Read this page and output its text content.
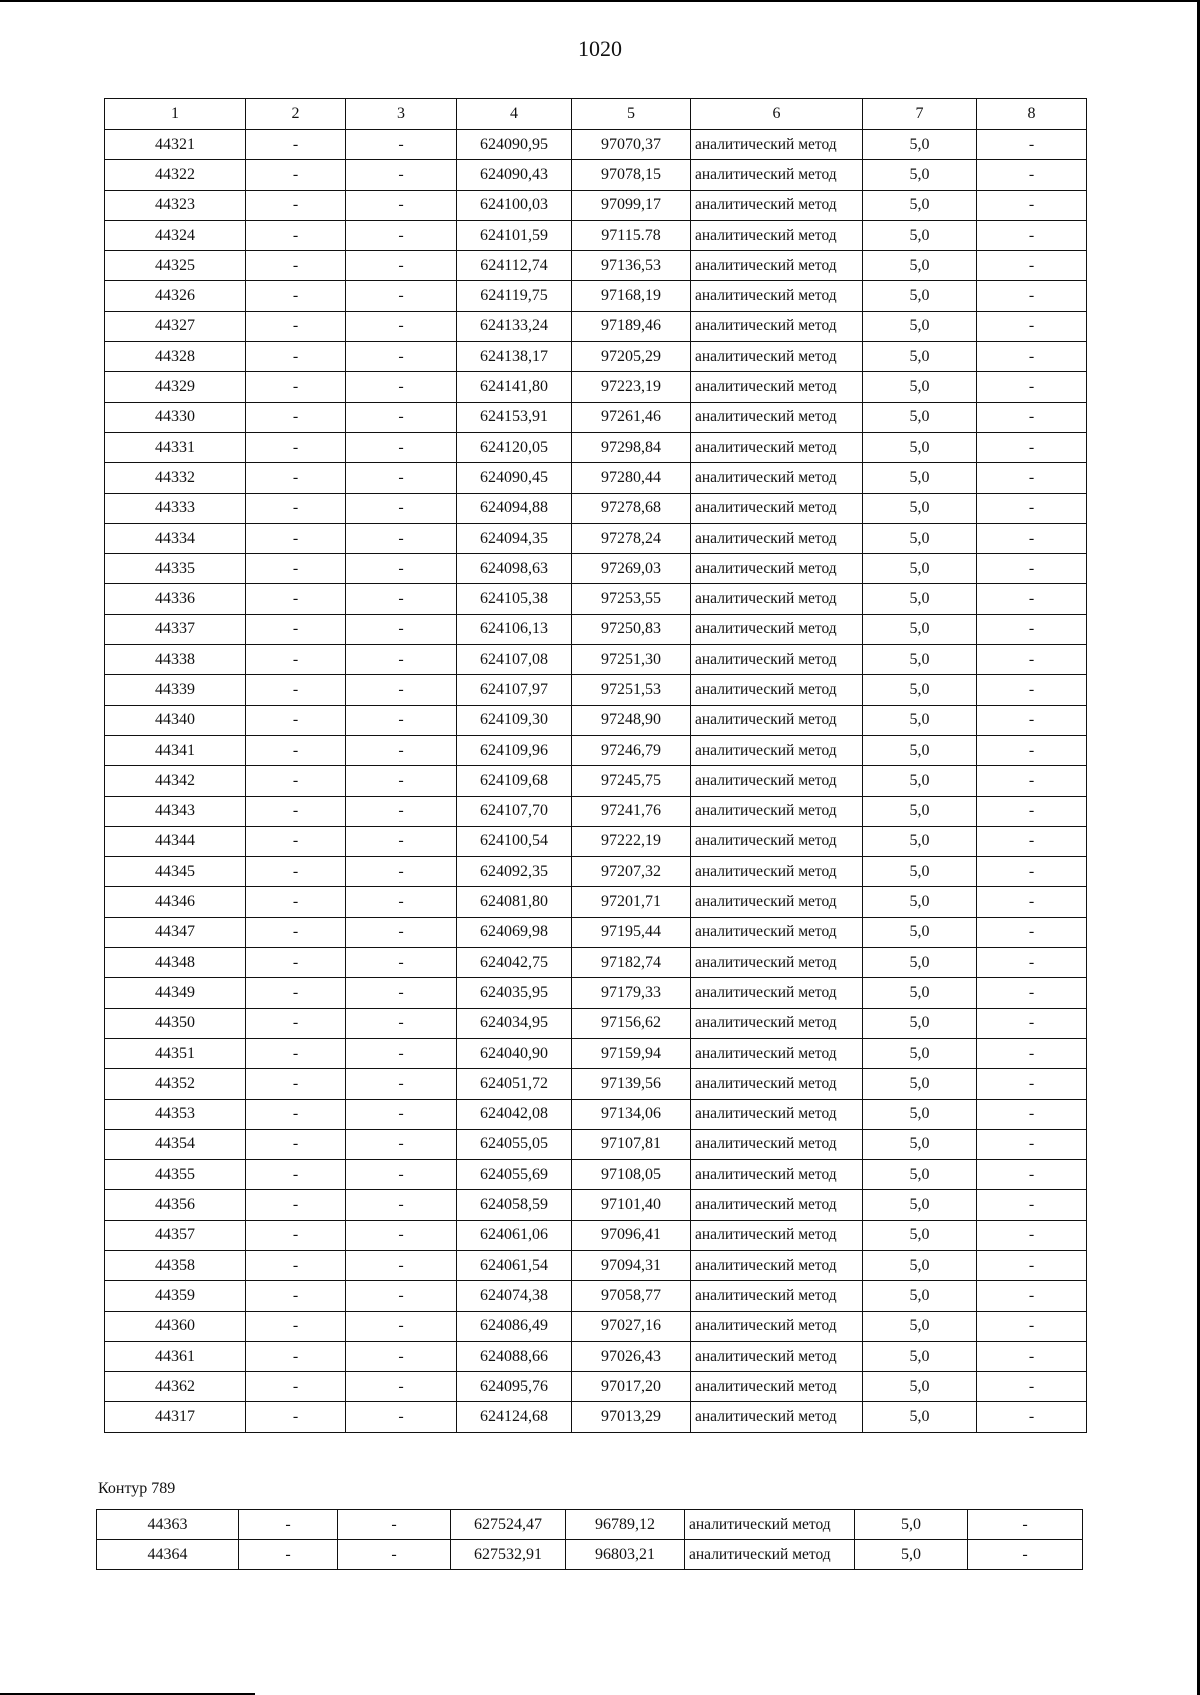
1020
1	2	3	4	5	6	7	8
44321	-	-	624090,95	97070,37	аналитический метод	5,0	-
44322	-	-	624090,43	97078,15	аналитический метод	5,0	-
44323	-	-	624100,03	97099,17	аналитический метод	5,0	-
44324	-	-	624101,59	97115.78	аналитический метод	5,0	-
44325	-	-	624112,74	97136,53	аналитический метод	5,0	-
44326	-	-	624119,75	97168,19	аналитический метод	5,0	-
44327	-	-	624133,24	97189,46	аналитический метод	5,0	-
44328	-	-	624138,17	97205,29	аналитический метод	5,0	-
44329	-	-	624141,80	97223,19	аналитический метод	5,0	-
44330	-	-	624153,91	97261,46	аналитический метод	5,0	-
44331	-	-	624120,05	97298,84	аналитический метод	5,0	-
44332	-	-	624090,45	97280,44	аналитический метод	5,0	-
44333	-	-	624094,88	97278,68	аналитический метод	5,0	-
44334	-	-	624094,35	97278,24	аналитический метод	5,0	-
44335	-	-	624098,63	97269,03	аналитический метод	5,0	-
44336	-	-	624105,38	97253,55	аналитический метод	5,0	-
44337	-	-	624106,13	97250,83	аналитический метод	5,0	-
44338	-	-	624107,08	97251,30	аналитический метод	5,0	-
44339	-	-	624107,97	97251,53	аналитический метод	5,0	-
44340	-	-	624109,30	97248,90	аналитический метод	5,0	-
44341	-	-	624109,96	97246,79	аналитический метод	5,0	-
44342	-	-	624109,68	97245,75	аналитический метод	5,0	-
44343	-	-	624107,70	97241,76	аналитический метод	5,0	-
44344	-	-	624100,54	97222,19	аналитический метод	5,0	-
44345	-	-	624092,35	97207,32	аналитический метод	5,0	-
44346	-	-	624081,80	97201,71	аналитический метод	5,0	-
44347	-	-	624069,98	97195,44	аналитический метод	5,0	-
44348	-	-	624042,75	97182,74	аналитический метод	5,0	-
44349	-	-	624035,95	97179,33	аналитический метод	5,0	-
44350	-	-	624034,95	97156,62	аналитический метод	5,0	-
44351	-	-	624040,90	97159,94	аналитический метод	5,0	-
44352	-	-	624051,72	97139,56	аналитический метод	5,0	-
44353	-	-	624042,08	97134,06	аналитический метод	5,0	-
44354	-	-	624055,05	97107,81	аналитический метод	5,0	-
44355	-	-	624055,69	97108,05	аналитический метод	5,0	-
44356	-	-	624058,59	97101,40	аналитический метод	5,0	-
44357	-	-	624061,06	97096,41	аналитический метод	5,0	-
44358	-	-	624061,54	97094,31	аналитический метод	5,0	-
44359	-	-	624074,38	97058,77	аналитический метод	5,0	-
44360	-	-	624086,49	97027,16	аналитический метод	5,0	-
44361	-	-	624088,66	97026,43	аналитический метод	5,0	-
44362	-	-	624095,76	97017,20	аналитический метод	5,0	-
44317	-	-	624124,68	97013,29	аналитический метод	5,0	-
Контур 789
44363	-	-	627524,47	96789,12	аналитический метод	5,0	-
44364	-	-	627532,91	96803,21	аналитический метод	5,0	-
